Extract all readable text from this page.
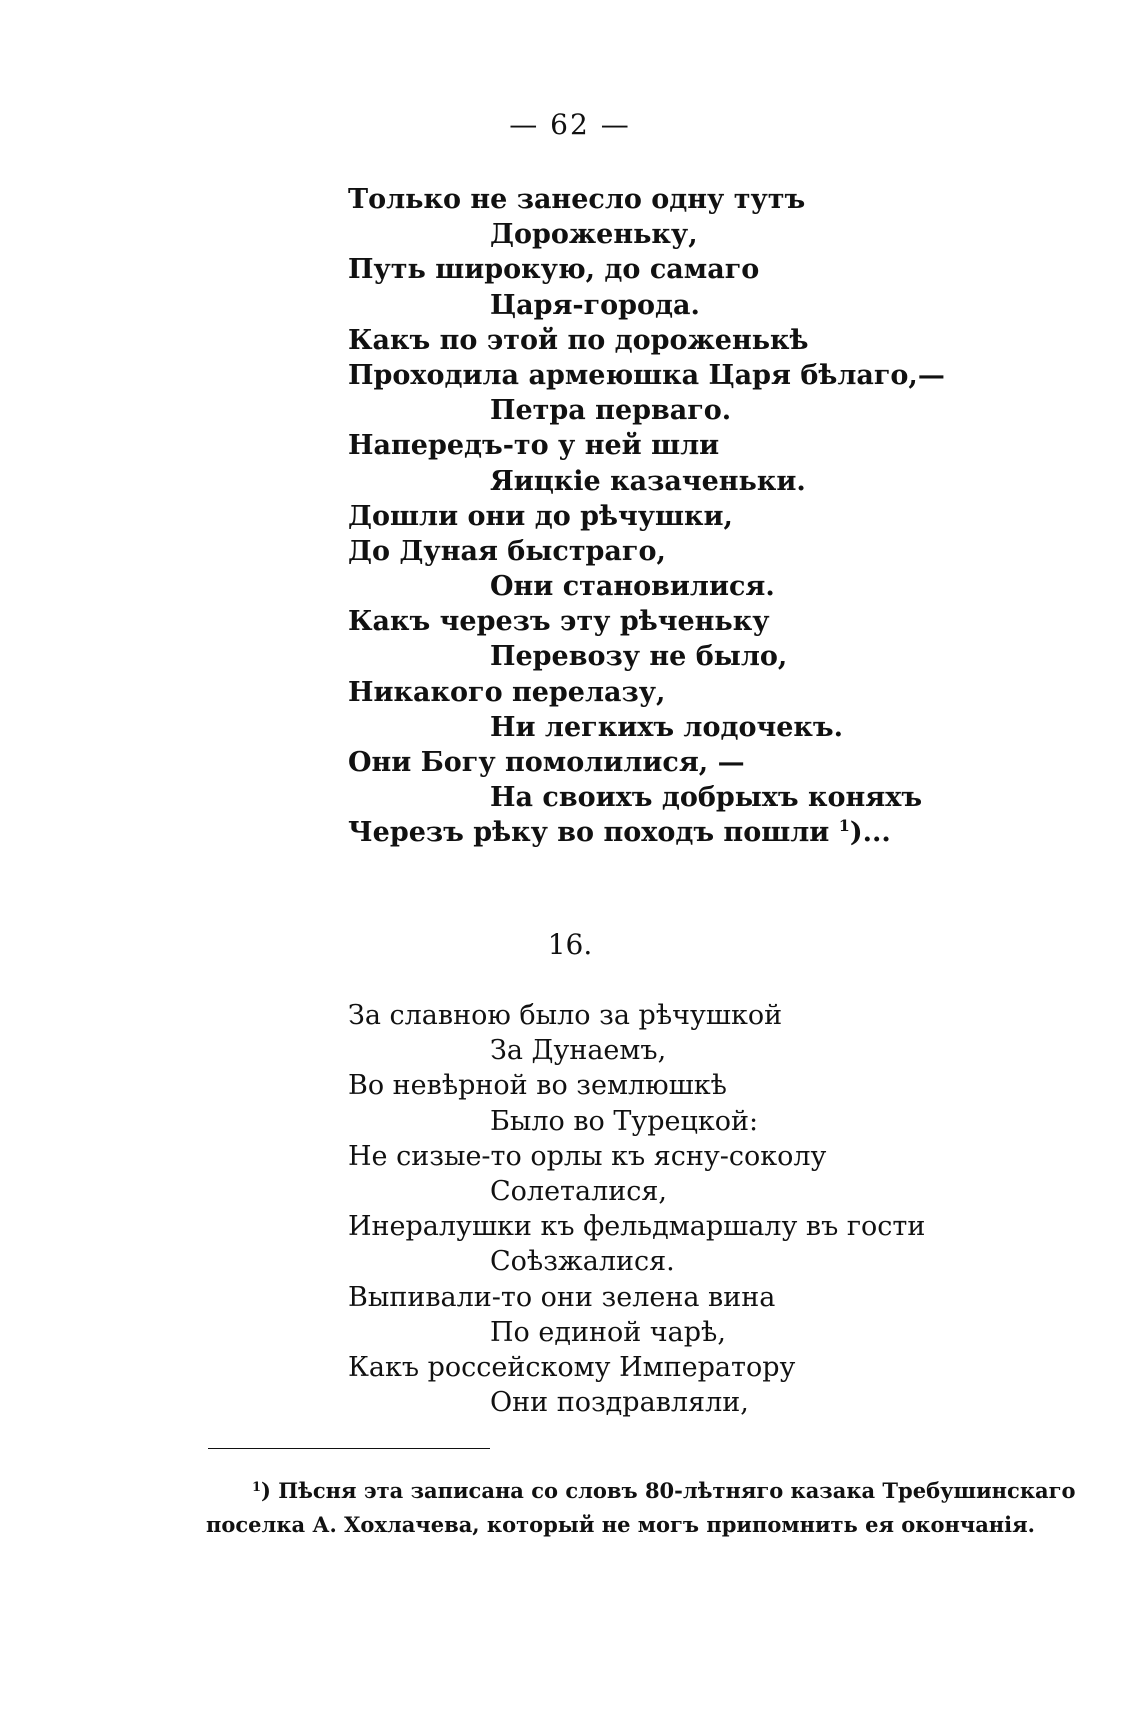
— 62 —
Только не занесло одну тутъ
Дороженьку,
Путь широкую, до самаго
Царя-города.
Какъ по этой по дороженькѣ
Проходила армеюшка Царя бѣлаго,—
Петра перваго.
Напередъ-то у ней шли
Яицкіе казаченьки.
Дошли они до рѣчушки,
До Дуная быстраго,
Они становилися.
Какъ черезъ эту рѣченьку
Перевозу не было,
Никакого перелазу,
Ни легкихъ лодочекъ.
Они Богу помолилися, —
На своихъ добрыхъ коняхъ
Черезъ рѣку во походъ пошли $^1$)...
16.
За славною было за рѣчушкой
За Дунаемъ,
Во невѣрной во землюшкѣ
Было во Турецкой:
Не сизые-то орлы къ ясну-соколу
Солеталися,
Инералушки къ фельдмаршалу въ гости
Соѣзжалися.
Выпивали-то они зелена вина
По единой чарѣ,
Какъ россейскому Императору
Они поздравляли,
$^1$) Пѣсня эта записана со словъ 80-лѣтняго казака Требушинскаго
поселка А. Хохлачева, который не могъ припомнить ея окончанія.
